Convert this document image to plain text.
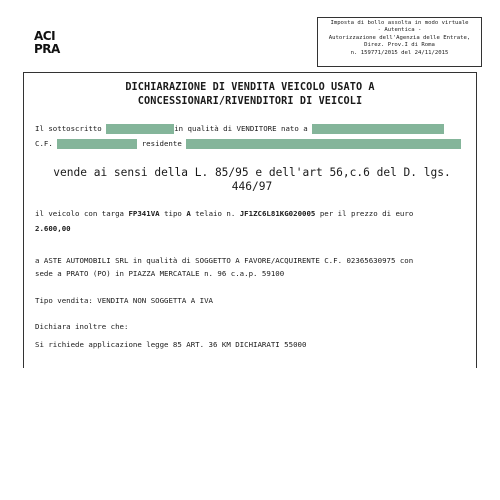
Imposta di bollo assolta in modo virtuale
- Autentica -
Autorizzazione dell'Agenzia delle Entrate,
Direz. Prov.I di Roma
n. 159771/2015 del 24/11/2015
ACI
PRA
DICHIARAZIONE DI VENDITA VEICOLO USATO A
CONCESSIONARI/RIVENDITORI DI VEICOLI
Il sottoscritto	in qualità di VENDITORE nato a
C.F.	residente
vende ai sensi della L. 85/95 e dell'art 56,c.6 del D. lgs.
446/97
il veicolo con targa FP341VA tipo A telaio n. JF1ZC6L81KG020005 per il prezzo di euro
2.600,00
a ASTE AUTOMOBILI SRL in qualità di SOGGETTO A FAVORE/ACQUIRENTE C.F. 02365630975 con
sede a PRATO (PO) in PIAZZA MERCATALE n. 96 c.a.p. 59100
Tipo vendita: VENDITA NON SOGGETTA A IVA
Dichiara inoltre che:
Si richiede applicazione legge 85 ART. 36 KM DICHIARATI 55000
